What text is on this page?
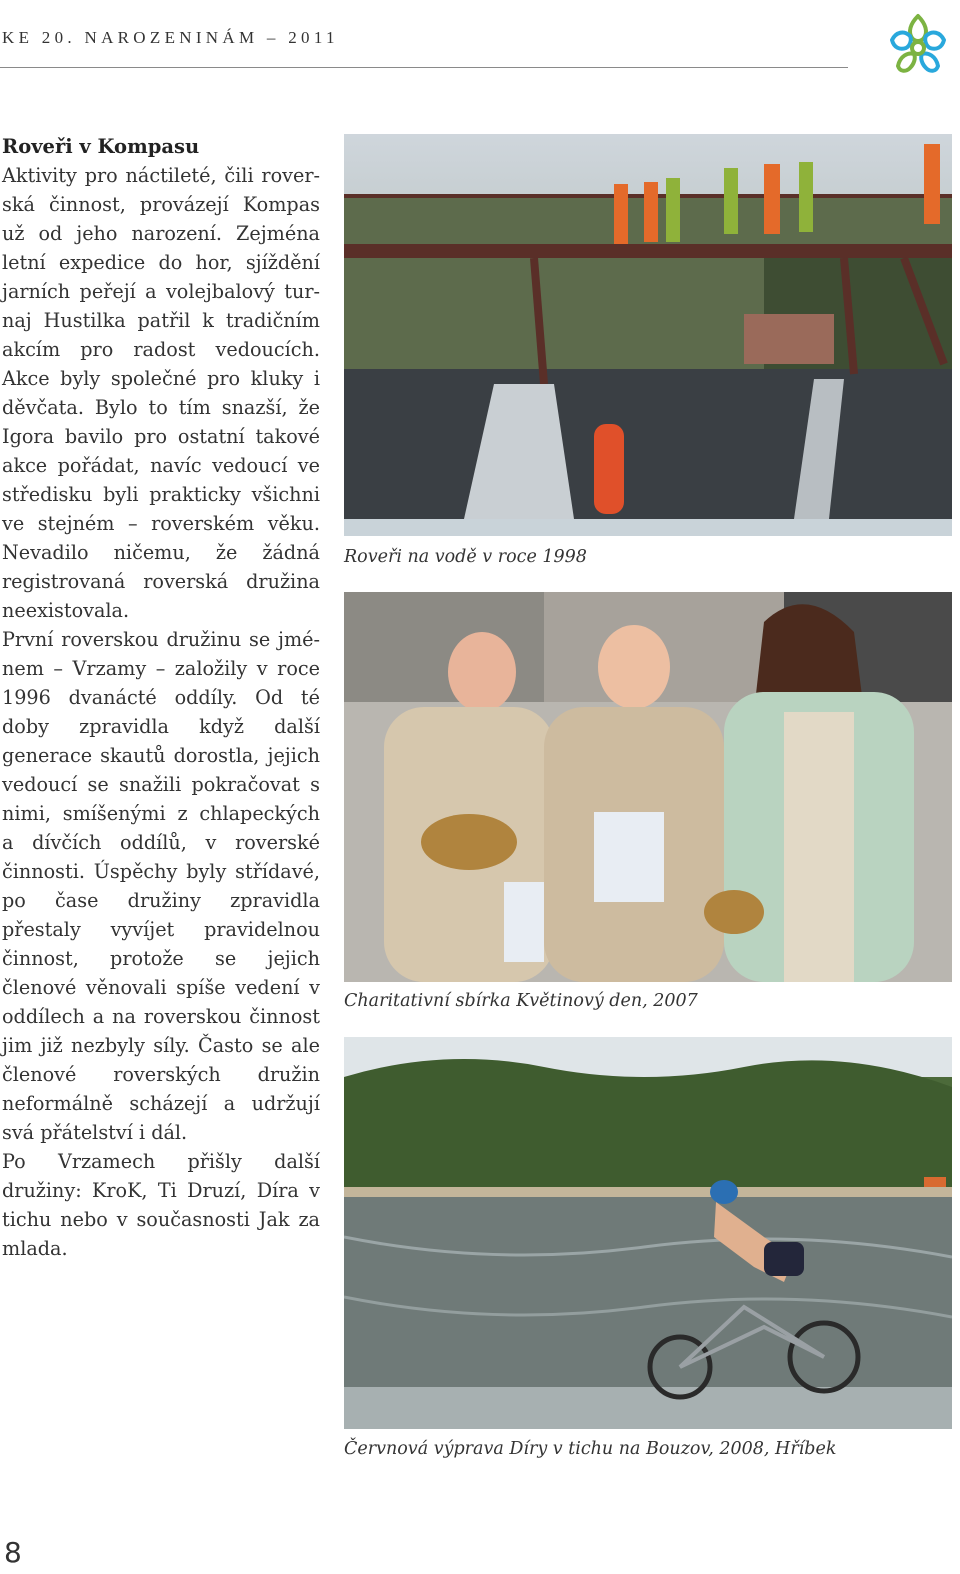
KE 20. NAROZENINÁM – 2011
Roveři v Kompasu

Aktivity pro náctileté, čili roverská činnost, provázejí Kompas už od jeho narození. Zejména letní expedice do hor, sjíždění jarních peřejí a volejbalový turnaj Hustilka patřil k tradičním akcím pro radost vedoucích. Akce byly společné pro kluky i děvčata. Bylo to tím snazší, že Igora bavilo pro ostatní takové akce pořádat, navíc vedoucí ve středisku byli prakticky všichni ve stejném – roverském věku. Nevadilo ničemu, že žádná registrovaná roverská družina neexistovala.

První roverskou družinu se jménem – Vrzamy – založily v roce 1996 dvanácté oddíly. Od té doby zpravidla když další generace skautů dorostla, jejich vedoucí se snažili pokračovat s nimi, smíšenými z chlapeckých a dívčích oddílů, v roverské činnosti. Úspěchy byly střídavé, po čase družiny zpravidla přestaly vyvíjet pravidelnou činnost, protože se jejich členové věnovali spíše vedení v oddílech a na roverskou činnost jim již nezbyly síly. Často se ale členové roverských družin neformálně scházejí a udržují svá přátelství i dál.

Po Vrzamech přišly další družiny: KroK, Ti Druzí, Díra v tichu nebo v současnosti Jak za mlada.

Roveři na vodě v roce 1998
Charitativní sbírka Květinový den, 2007
Červnová výprava Díry v tichu na Bouzov, 2008, Hříbek
8
